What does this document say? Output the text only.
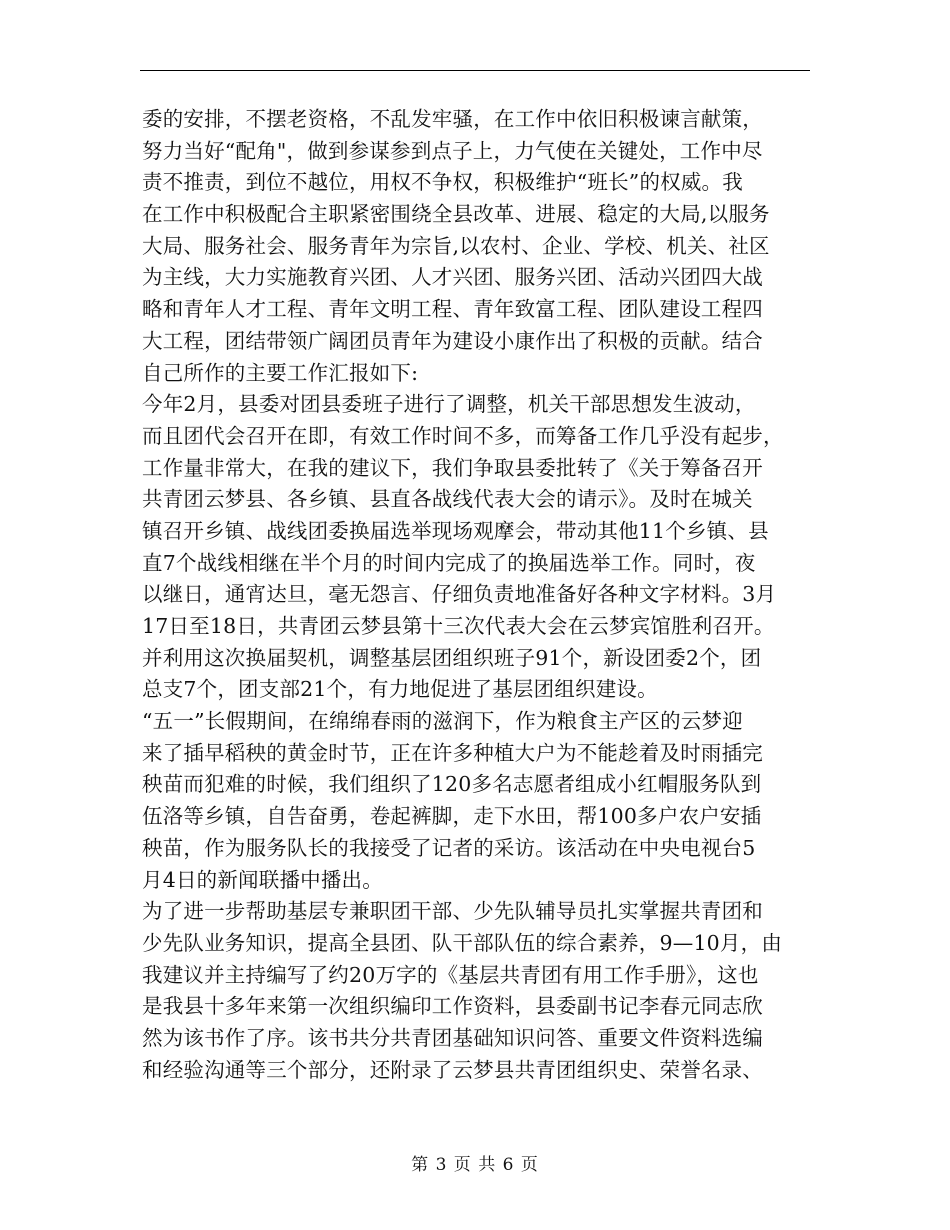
委的安排，不摆老资格，不乱发牢骚，在工作中依旧积极谏言献策，
努力当好“配角"，做到参谋参到点子上，力气使在关键处，工作中尽
责不推责，到位不越位，用权不争权，积极维护“班长”的权威。我
在工作中积极配合主职紧密围绕全县改革、进展、稳定的大局,以服务
大局、服务社会、服务青年为宗旨,以农村、企业、学校、机关、社区
为主线，大力实施教育兴团、人才兴团、服务兴团、活动兴团四大战
略和青年人才工程、青年文明工程、青年致富工程、团队建设工程四
大工程，团结带领广阔团员青年为建设小康作出了积极的贡献。结合
自己所作的主要工作汇报如下:
今年2月，县委对团县委班子进行了调整，机关干部思想发生波动，
而且团代会召开在即，有效工作时间不多，而筹备工作几乎没有起步，
工作量非常大，在我的建议下，我们争取县委批转了《关于筹备召开
共青团云梦县、各乡镇、县直各战线代表大会的请示》。及时在城关
镇召开乡镇、战线团委换届选举现场观摩会，带动其他11个乡镇、县
直7个战线相继在半个月的时间内完成了的换届选举工作。同时，夜
以继日，通宵达旦，毫无怨言、仔细负责地准备好各种文字材料。3月
17日至18日，共青团云梦县第十三次代表大会在云梦宾馆胜利召开。
并利用这次换届契机，调整基层团组织班子91个，新设团委2个，团
总支7个，团支部21个，有力地促进了基层团组织建设。
“五一”长假期间，在绵绵春雨的滋润下，作为粮食主产区的云梦迎
来了插早稻秧的黄金时节，正在许多种植大户为不能趁着及时雨插完
秧苗而犯难的时候，我们组织了120多名志愿者组成小红帽服务队到
伍洛等乡镇，自告奋勇，卷起裤脚，走下水田，帮100多户农户安插
秧苗，作为服务队长的我接受了记者的采访。该活动在中央电视台5
月4日的新闻联播中播出。
为了进一步帮助基层专兼职团干部、少先队辅导员扎实掌握共青团和
少先队业务知识，提高全县团、队干部队伍的综合素养，9—10月，由
我建议并主持编写了约20万字的《基层共青团有用工作手册》，这也
是我县十多年来第一次组织编印工作资料，县委副书记李春元同志欣
然为该书作了序。该书共分共青团基础知识问答、重要文件资料选编
和经验沟通等三个部分，还附录了云梦县共青团组织史、荣誉名录、
第 3 页 共 6 页
